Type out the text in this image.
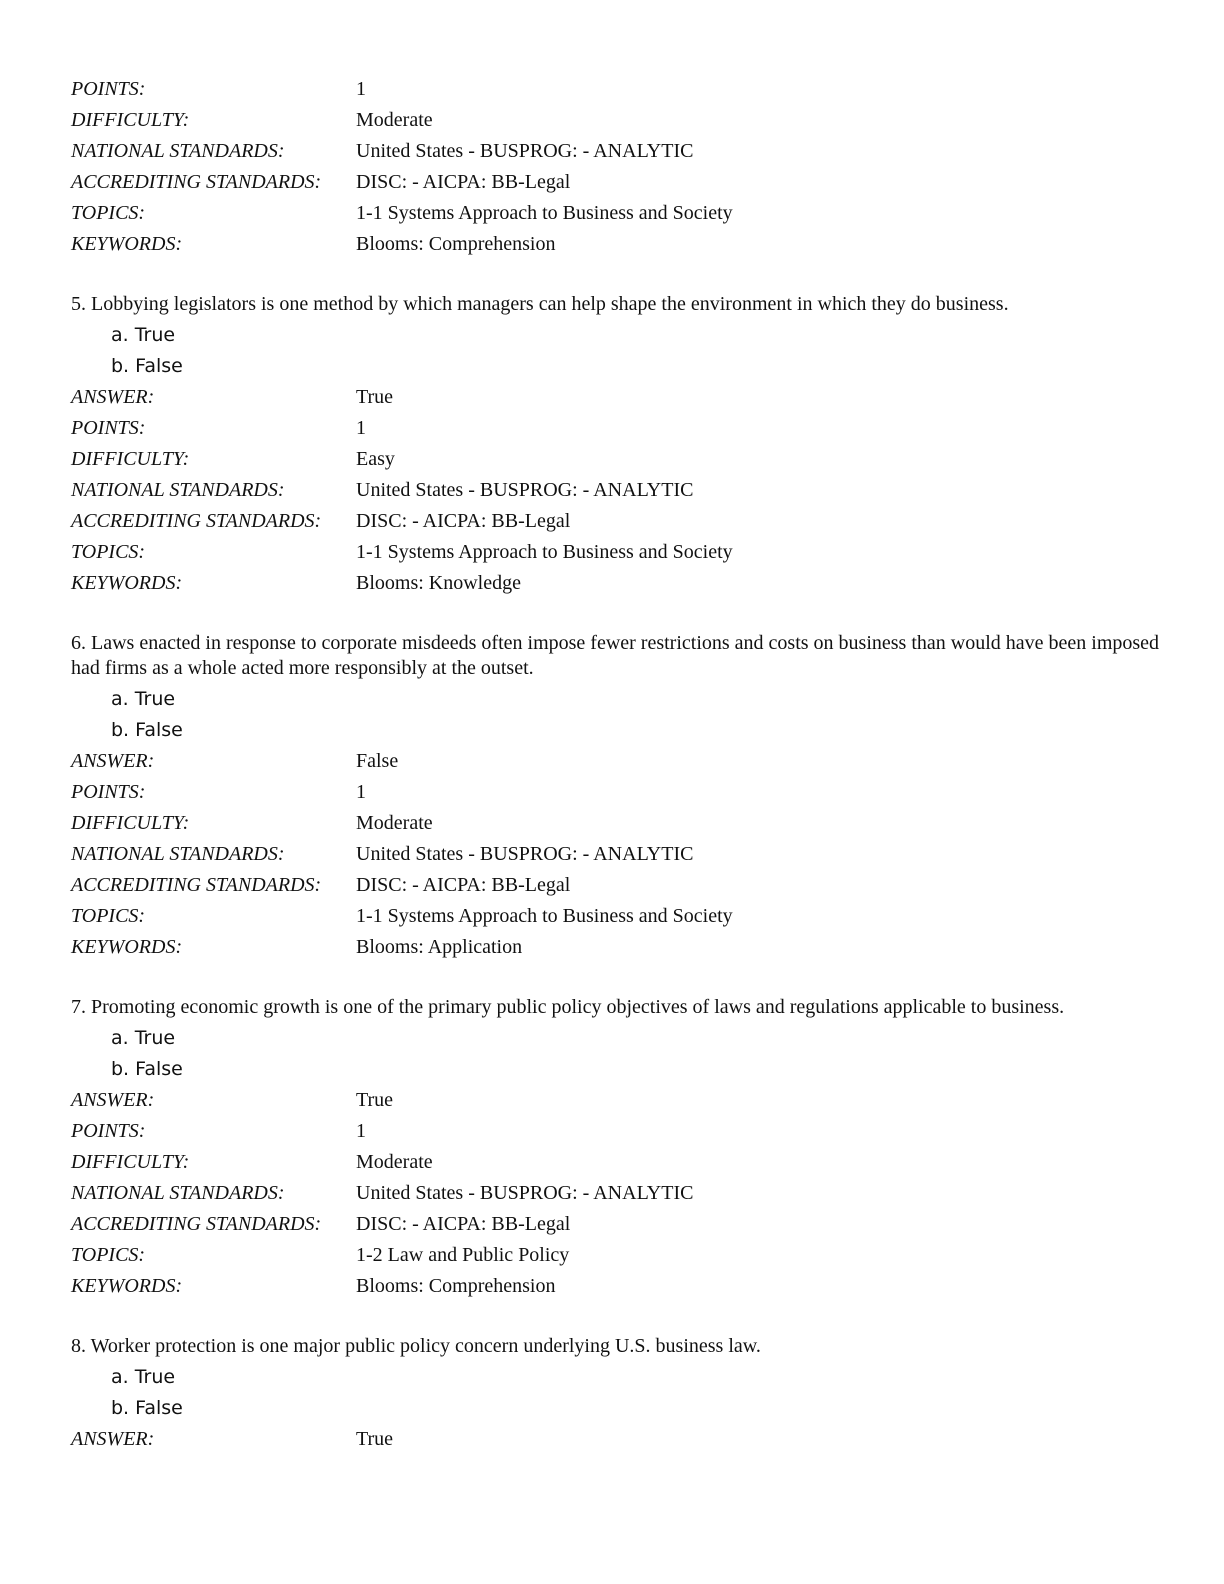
POINTS:	1
DIFFICULTY:	Moderate
NATIONAL STANDARDS:	United States - BUSPROG: - ANALYTIC
ACCREDITING STANDARDS:	DISC: - AICPA: BB-Legal
TOPICS:	1-1 Systems Approach to Business and Society
KEYWORDS:	Blooms: Comprehension
5. Lobbying legislators is one method by which managers can help shape the environment in which they do business.
a. True
b. False
ANSWER:	True
POINTS:	1
DIFFICULTY:	Easy
NATIONAL STANDARDS:	United States - BUSPROG: - ANALYTIC
ACCREDITING STANDARDS:	DISC: - AICPA: BB-Legal
TOPICS:	1-1 Systems Approach to Business and Society
KEYWORDS:	Blooms: Knowledge
6. Laws enacted in response to corporate misdeeds often impose fewer restrictions and costs on business than would have been imposed had firms as a whole acted more responsibly at the outset.
a. True
b. False
ANSWER:	False
POINTS:	1
DIFFICULTY:	Moderate
NATIONAL STANDARDS:	United States - BUSPROG: - ANALYTIC
ACCREDITING STANDARDS:	DISC: - AICPA: BB-Legal
TOPICS:	1-1 Systems Approach to Business and Society
KEYWORDS:	Blooms: Application
7. Promoting economic growth is one of the primary public policy objectives of laws and regulations applicable to business.
a. True
b. False
ANSWER:	True
POINTS:	1
DIFFICULTY:	Moderate
NATIONAL STANDARDS:	United States - BUSPROG: - ANALYTIC
ACCREDITING STANDARDS:	DISC: - AICPA: BB-Legal
TOPICS:	1-2 Law and Public Policy
KEYWORDS:	Blooms: Comprehension
8. Worker protection is one major public policy concern underlying U.S. business law.
a. True
b. False
ANSWER:	True
